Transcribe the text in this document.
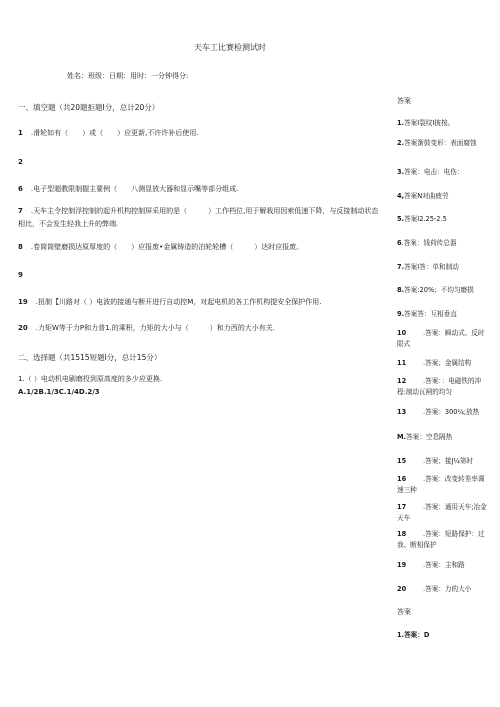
天车工比赛检测试时
姓名：班级：日期：用时：一分钟得分:
一、填空题（共20题拒题I分，总计20分）
1 .滑轮如有（　　）或（　　）应更新,不许许补后使用.
2
6 .电子型超教限制握主要例（　　八测显放大器和显示嘴等部分组成.
7 .天车主令控制浮控制的起升机构控制屏采用的是（　　　）工作档位,用于解栽用因索低速下降，与反接制动状态相比，不会发生轻我上升的弊端.
8 .卷筒筒壁磨损达原厚度的（　　）应报废•金属铸造的泊轮轮槽（　　　）达时应报废。
9
19 .扭制【川路对（ ）电波的接通与断开进行自动控M，对起电机的各工作机构提安全保护作用.
20 .力矩W等于力P和力普1.的乘积，力矩的大小与（　　　）和力西的大小有关.
二、选择题（共1515短题I分，总计15分）
1.（ ）电动机电刷磨投到原高度的多少应更换.
A.1/2B.1/3C.1/4D.2/3
答案
1.答案I裂纹I披按。
2.答案渐鼓变形：表面腐蚀
3.答案：电击：电伤：
4,答案N对曲疲劳
5.答案I2.25-2.5
6.答案：钱荷传总器
7.答案I答：单和制动
8.答案:20%；不均匀磨损
9.答案答：互相垂直
10	.答案：瞬动式、反时限式
11	.答案；金属结构
12	.答案：：电磁铁的冲程:制动瓦闸的均匀
13	.答案：300¼;放热
M.答案：空息隔热
15	.答案；接J¼第时
16	.答案：改变转差率调速三种
17	.答案：通用天车;冶金天车
18	.答案：短路保护：过我、断相保护
19	.答案：主和路
20	.答案：力的大小
答案
1.答案：D
